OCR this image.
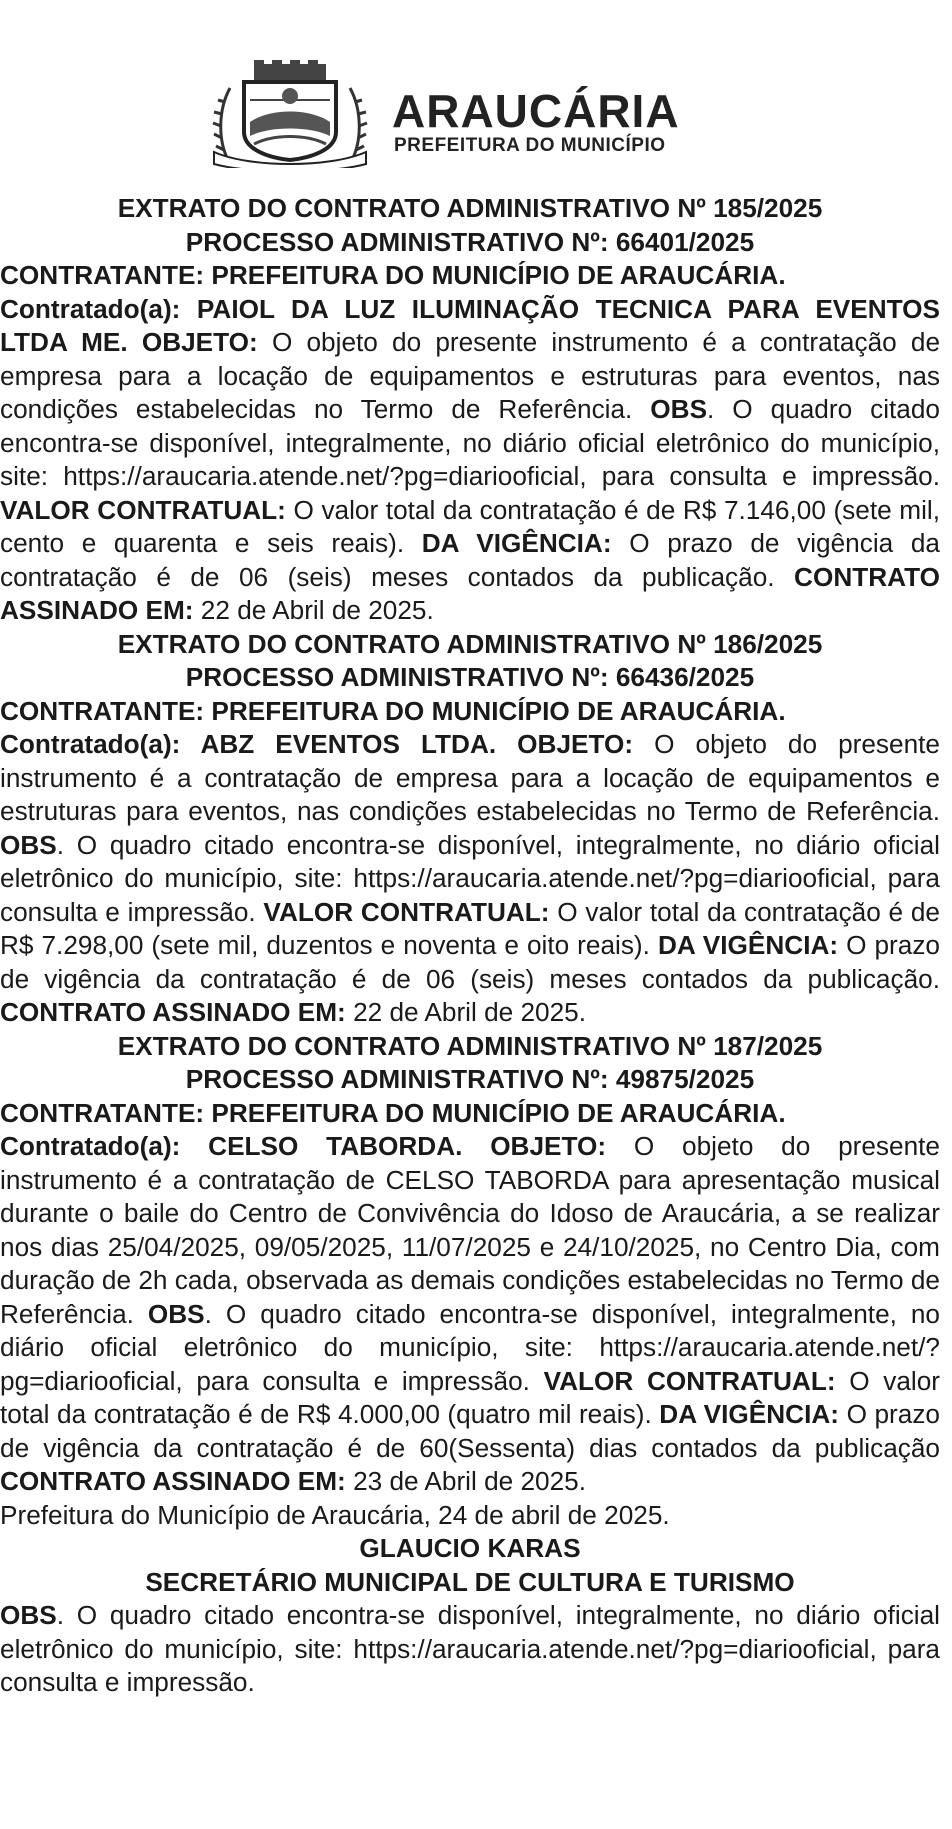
ARAUCÁRIA
PREFEITURA DO MUNICÍPIO

EXTRATO DO CONTRATO ADMINISTRATIVO Nº 185/2025

PROCESSO ADMINISTRATIVO Nº: 66401/2025

CONTRATANTE: PREFEITURA DO MUNICÍPIO DE ARAUCÁRIA.
Contratado(a): PAIOL DA LUZ ILUMINAÇÃO TECNICA PARA EVENTOS LTDA ME. OBJETO: O objeto do presente instrumento é a contratação de empresa para a locação de equipamentos e estruturas para eventos, nas condições estabelecidas no Termo de Referência. OBS. O quadro citado encontra-se disponível, integralmente, no diário oficial eletrônico do município, site: https://araucaria.atende.net/?pg=diariooficial, para consulta e impressão. VALOR CONTRATUAL: O valor total da contratação é de R$ 7.146,00 (sete mil, cento e quarenta e seis reais). DA VIGÊNCIA: O prazo de vigência da contratação é de 06 (seis) meses contados da publicação. CONTRATO ASSINADO EM: 22 de Abril de 2025.

EXTRATO DO CONTRATO ADMINISTRATIVO Nº 186/2025

PROCESSO ADMINISTRATIVO Nº: 66436/2025

CONTRATANTE: PREFEITURA DO MUNICÍPIO DE ARAUCÁRIA.
Contratado(a): ABZ EVENTOS LTDA. OBJETO: O objeto do presente instrumento é a contratação de empresa para a locação de equipamentos e estruturas para eventos, nas condições estabelecidas no Termo de Referência. OBS. O quadro citado encontra-se disponível, integralmente, no diário oficial eletrônico do município, site: https://araucaria.atende.net/?pg=diariooficial, para consulta e impressão. VALOR CONTRATUAL: O valor total da contratação é de R$ 7.298,00 (sete mil, duzentos e noventa e oito reais). DA VIGÊNCIA: O prazo de vigência da contratação é de 06 (seis) meses contados da publicação. CONTRATO ASSINADO EM: 22 de Abril de 2025.

EXTRATO DO CONTRATO ADMINISTRATIVO Nº 187/2025

PROCESSO ADMINISTRATIVO Nº: 49875/2025

CONTRATANTE: PREFEITURA DO MUNICÍPIO DE ARAUCÁRIA.
Contratado(a): CELSO TABORDA. OBJETO: O objeto do presente instrumento é a contratação de CELSO TABORDA para apresentação musical durante o baile do Centro de Convivência do Idoso de Araucária, a se realizar nos dias 25/04/2025, 09/05/2025, 11/07/2025 e 24/10/2025, no Centro Dia, com duração de 2h cada, observada as demais condições estabelecidas no Termo de Referência. OBS. O quadro citado encontra-se disponível, integralmente, no diário oficial eletrônico do município, site: https://araucaria.atende.net/?pg=diariooficial, para consulta e impressão. VALOR CONTRATUAL: O valor total da contratação é de R$ 4.000,00 (quatro mil reais). DA VIGÊNCIA: O prazo de vigência da contratação é de 60(Sessenta) dias contados da publicação CONTRATO ASSINADO EM: 23 de Abril de 2025.

Prefeitura do Município de Araucária, 24 de abril de 2025.

GLAUCIO KARAS

SECRETÁRIO MUNICIPAL DE CULTURA E TURISMO

OBS. O quadro citado encontra-se disponível, integralmente, no diário oficial eletrônico do município, site: https://araucaria.atende.net/?pg=diariooficial, para consulta e impressão.
